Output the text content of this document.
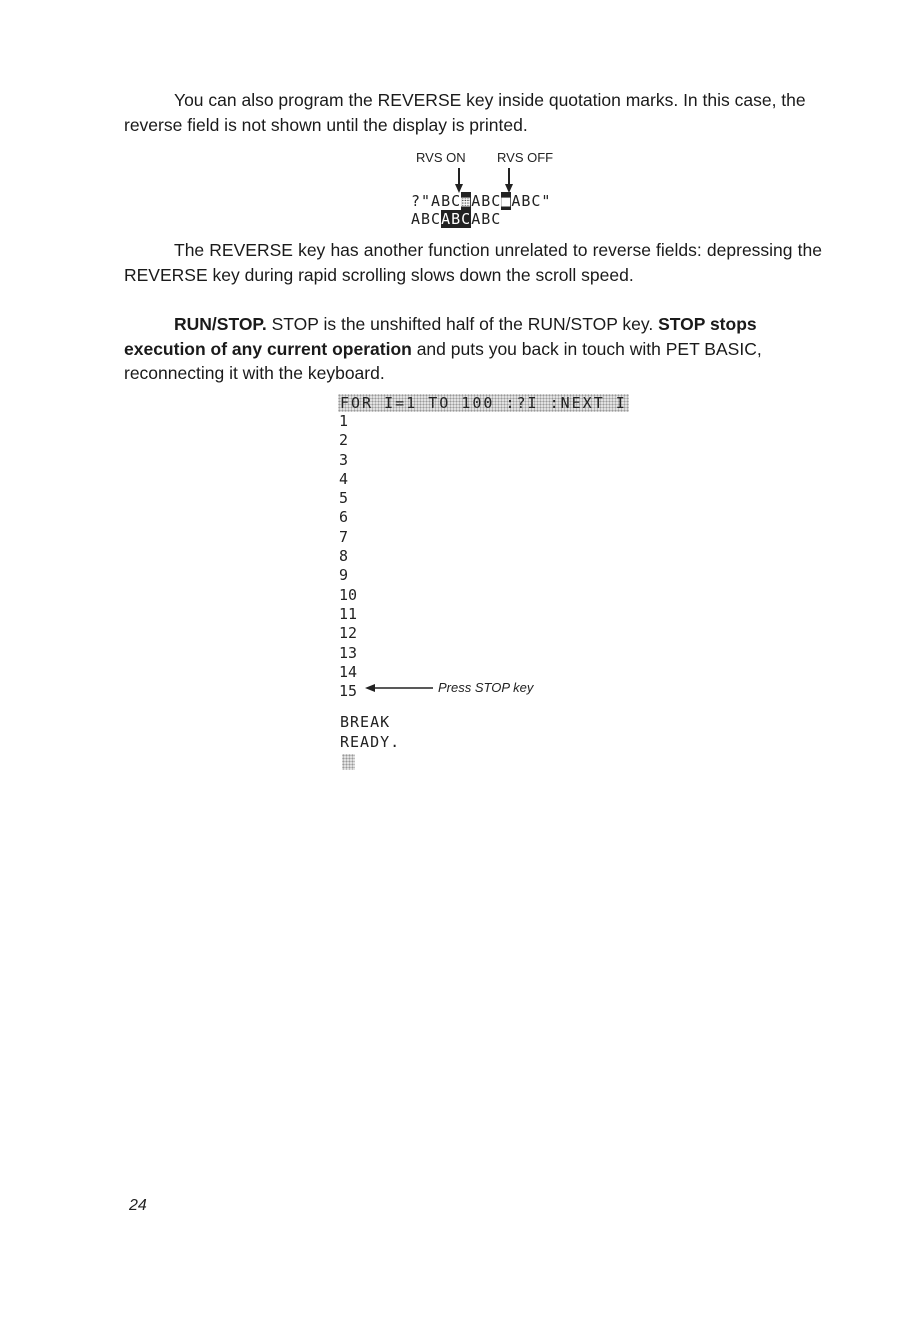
You can also program the REVERSE key inside quotation marks. In this case, the reverse field is not shown until the display is printed.

RVS ON RVS OFF
?"ABC▦ABC■ABC"
ABCABCABC

The REVERSE key has another function unrelated to reverse fields: depressing the REVERSE key during rapid scrolling slows down the scroll speed.

RUN/STOP. STOP is the unshifted half of the RUN/STOP key. STOP stops execution of any current operation and puts you back in touch with PET BASIC, reconnecting it with the keyboard.

FOR I=1 TO 100 :?I :NEXT I
1
2
3
4
5
6
7
8
9
10
11
12
13
14
15	Press STOP key
BREAK
READY.
24
